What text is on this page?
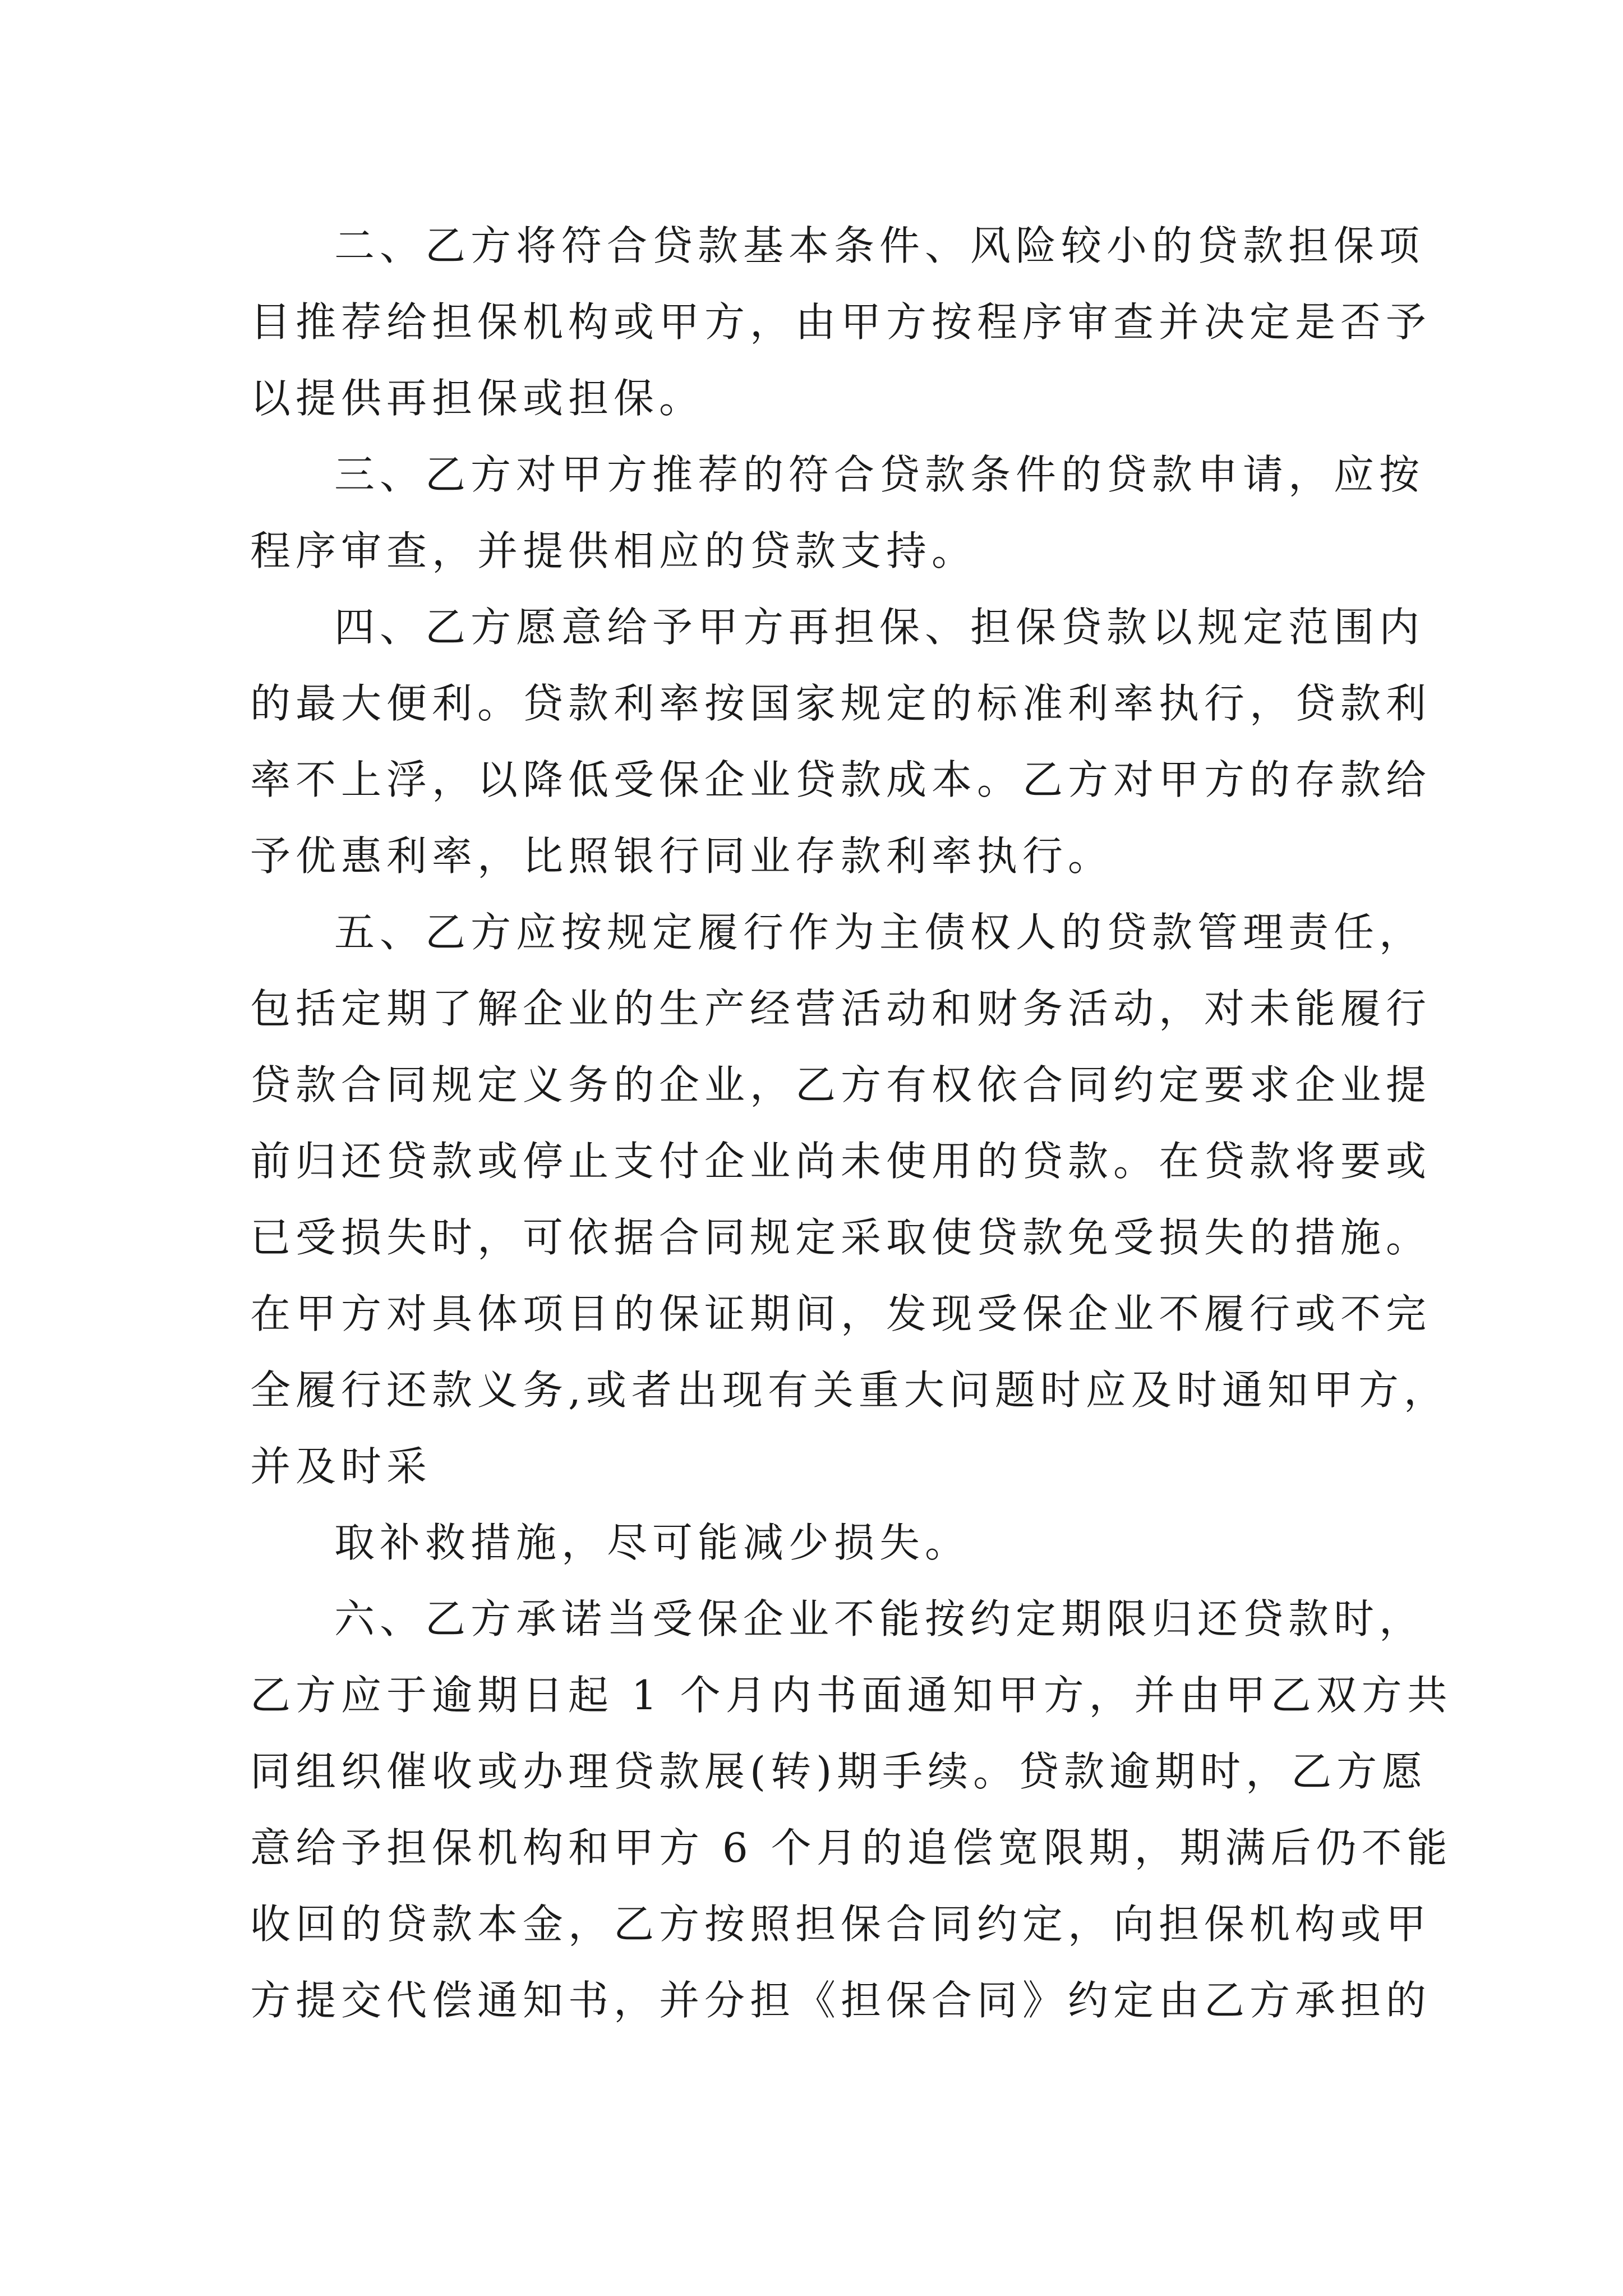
二、乙方将符合贷款基本条件、风险较小的贷款担保项
目推荐给担保机构或甲方，由甲方按程序审查并决定是否予
以提供再担保或担保。
三、乙方对甲方推荐的符合贷款条件的贷款申请，应按
程序审查，并提供相应的贷款支持。
四、乙方愿意给予甲方再担保、担保贷款以规定范围内
的最大便利。贷款利率按国家规定的标准利率执行，贷款利
率不上浮，以降低受保企业贷款成本。乙方对甲方的存款给
予优惠利率，比照银行同业存款利率执行。
五、乙方应按规定履行作为主债权人的贷款管理责任，
包括定期了解企业的生产经营活动和财务活动，对未能履行
贷款合同规定义务的企业，乙方有权依合同约定要求企业提
前归还贷款或停止支付企业尚未使用的贷款。在贷款将要或
已受损失时，可依据合同规定采取使贷款免受损失的措施。
在甲方对具体项目的保证期间，发现受保企业不履行或不完
全履行还款义务,或者出现有关重大问题时应及时通知甲方，
并及时采
取补救措施，尽可能减少损失。
六、乙方承诺当受保企业不能按约定期限归还贷款时，
乙方应于逾期日起 1 个月内书面通知甲方，并由甲乙双方共
同组织催收或办理贷款展(转)期手续。贷款逾期时，乙方愿
意给予担保机构和甲方 6 个月的追偿宽限期，期满后仍不能
收回的贷款本金，乙方按照担保合同约定，向担保机构或甲
方提交代偿通知书，并分担《担保合同》约定由乙方承担的
